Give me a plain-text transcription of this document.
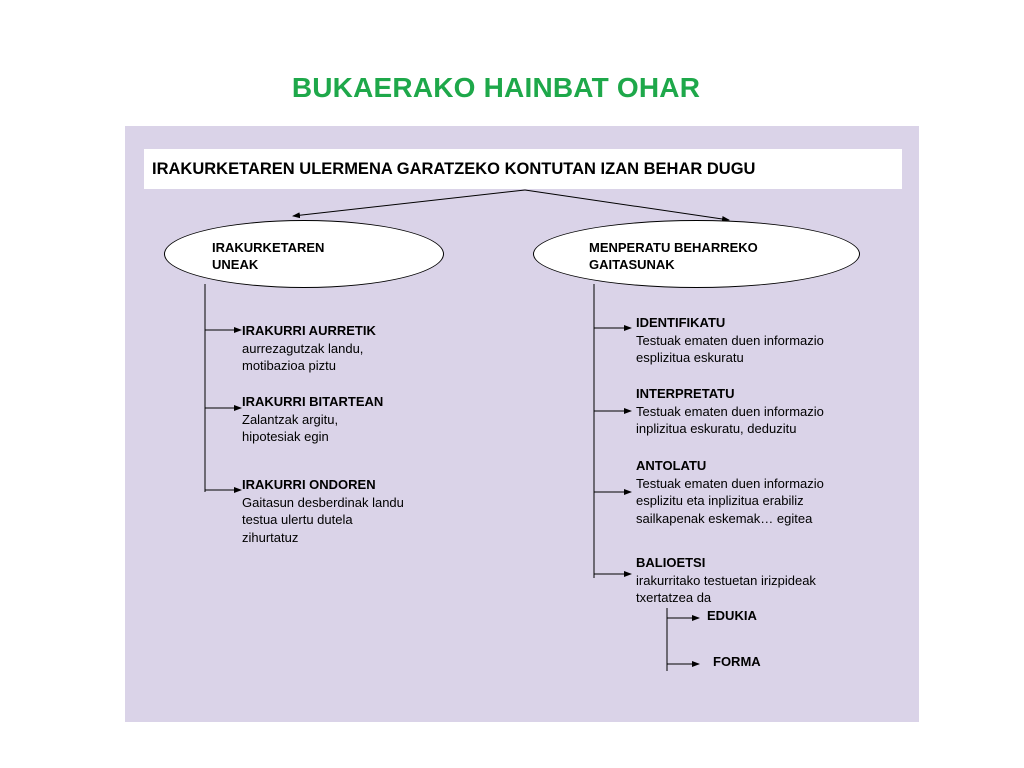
BUKAERAKO HAINBAT OHAR
IRAKURKETAREN ULERMENA GARATZEKO KONTUTAN IZAN BEHAR DUGU
IRAKURKETAREN
UNEAK
MENPERATU BEHARREKO
GAITASUNAK
IRAKURRI AURRETIK
aurrezagutzak landu,
motibazioa piztu
IRAKURRI BITARTEAN
Zalantzak argitu,
hipotesiak egin
IRAKURRI ONDOREN
Gaitasun desberdinak landu
testua ulertu dutela
zihurtatuz
IDENTIFIKATU
Testuak ematen duen informazio
esplizitua eskuratu
INTERPRETATU
Testuak ematen duen informazio
inplizitua eskuratu, deduzitu
ANTOLATU
Testuak ematen duen informazio
esplizitu eta inplizitua erabiliz
sailkapenak eskemak… egitea
BALIOETSI
irakurritako testuetan irizpideak
txertatzea da
EDUKIA
FORMA
